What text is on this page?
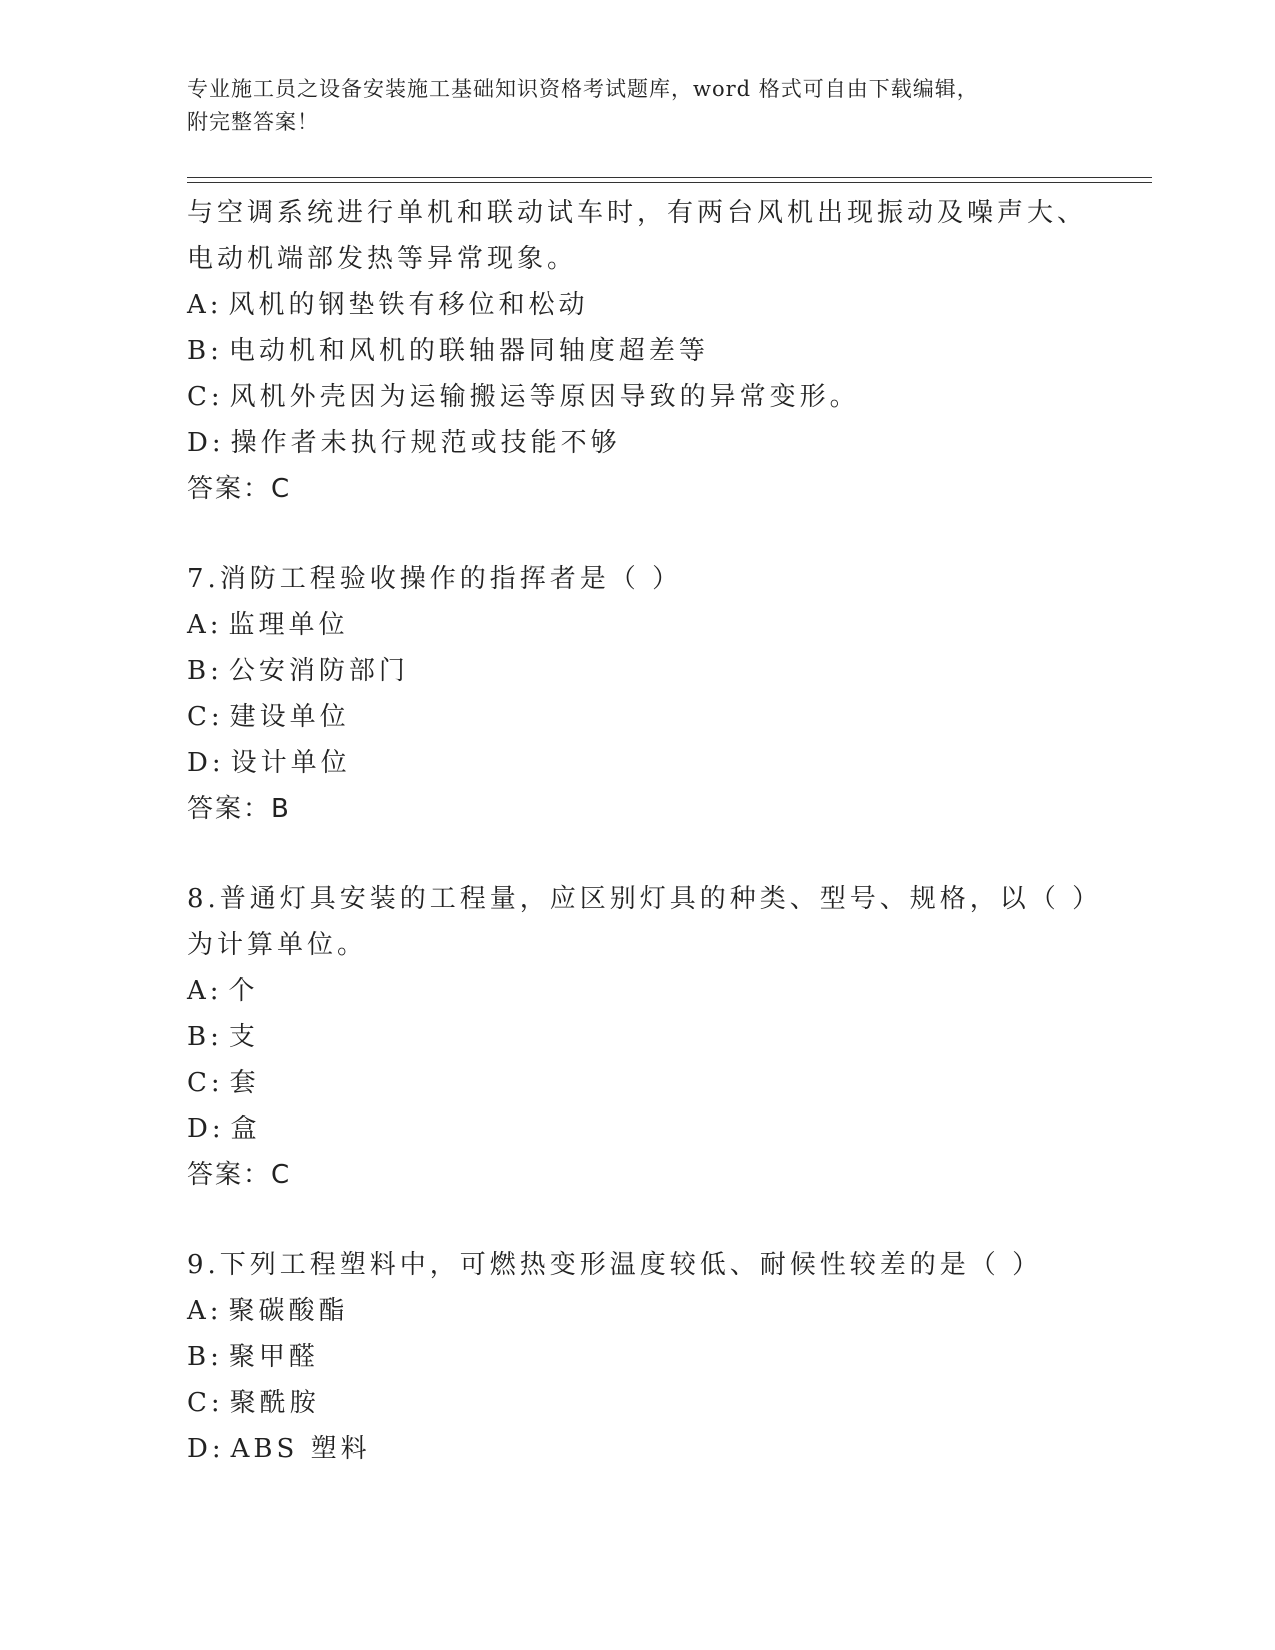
专业施工员之设备安装施工基础知识资格考试题库，word 格式可自由下载编辑，
附完整答案！
与空调系统进行单机和联动试车时，有两台风机出现振动及噪声大、
电动机端部发热等异常现象。
A: 风机的钢垫铁有移位和松动
B: 电动机和风机的联轴器同轴度超差等
C: 风机外壳因为运输搬运等原因导致的异常变形。
D: 操作者未执行规范或技能不够
答案：C
7.消防工程验收操作的指挥者是（ ）
A: 监理单位
B: 公安消防部门
C: 建设单位
D: 设计单位
答案：B
8.普通灯具安装的工程量，应区别灯具的种类、型号、规格，以（ ）
为计算单位。
A: 个
B: 支
C: 套
D: 盒
答案：C
9.下列工程塑料中，可燃热变形温度较低、耐候性较差的是（ ）
A: 聚碳酸酯
B: 聚甲醛
C: 聚酰胺
D: ABS 塑料
